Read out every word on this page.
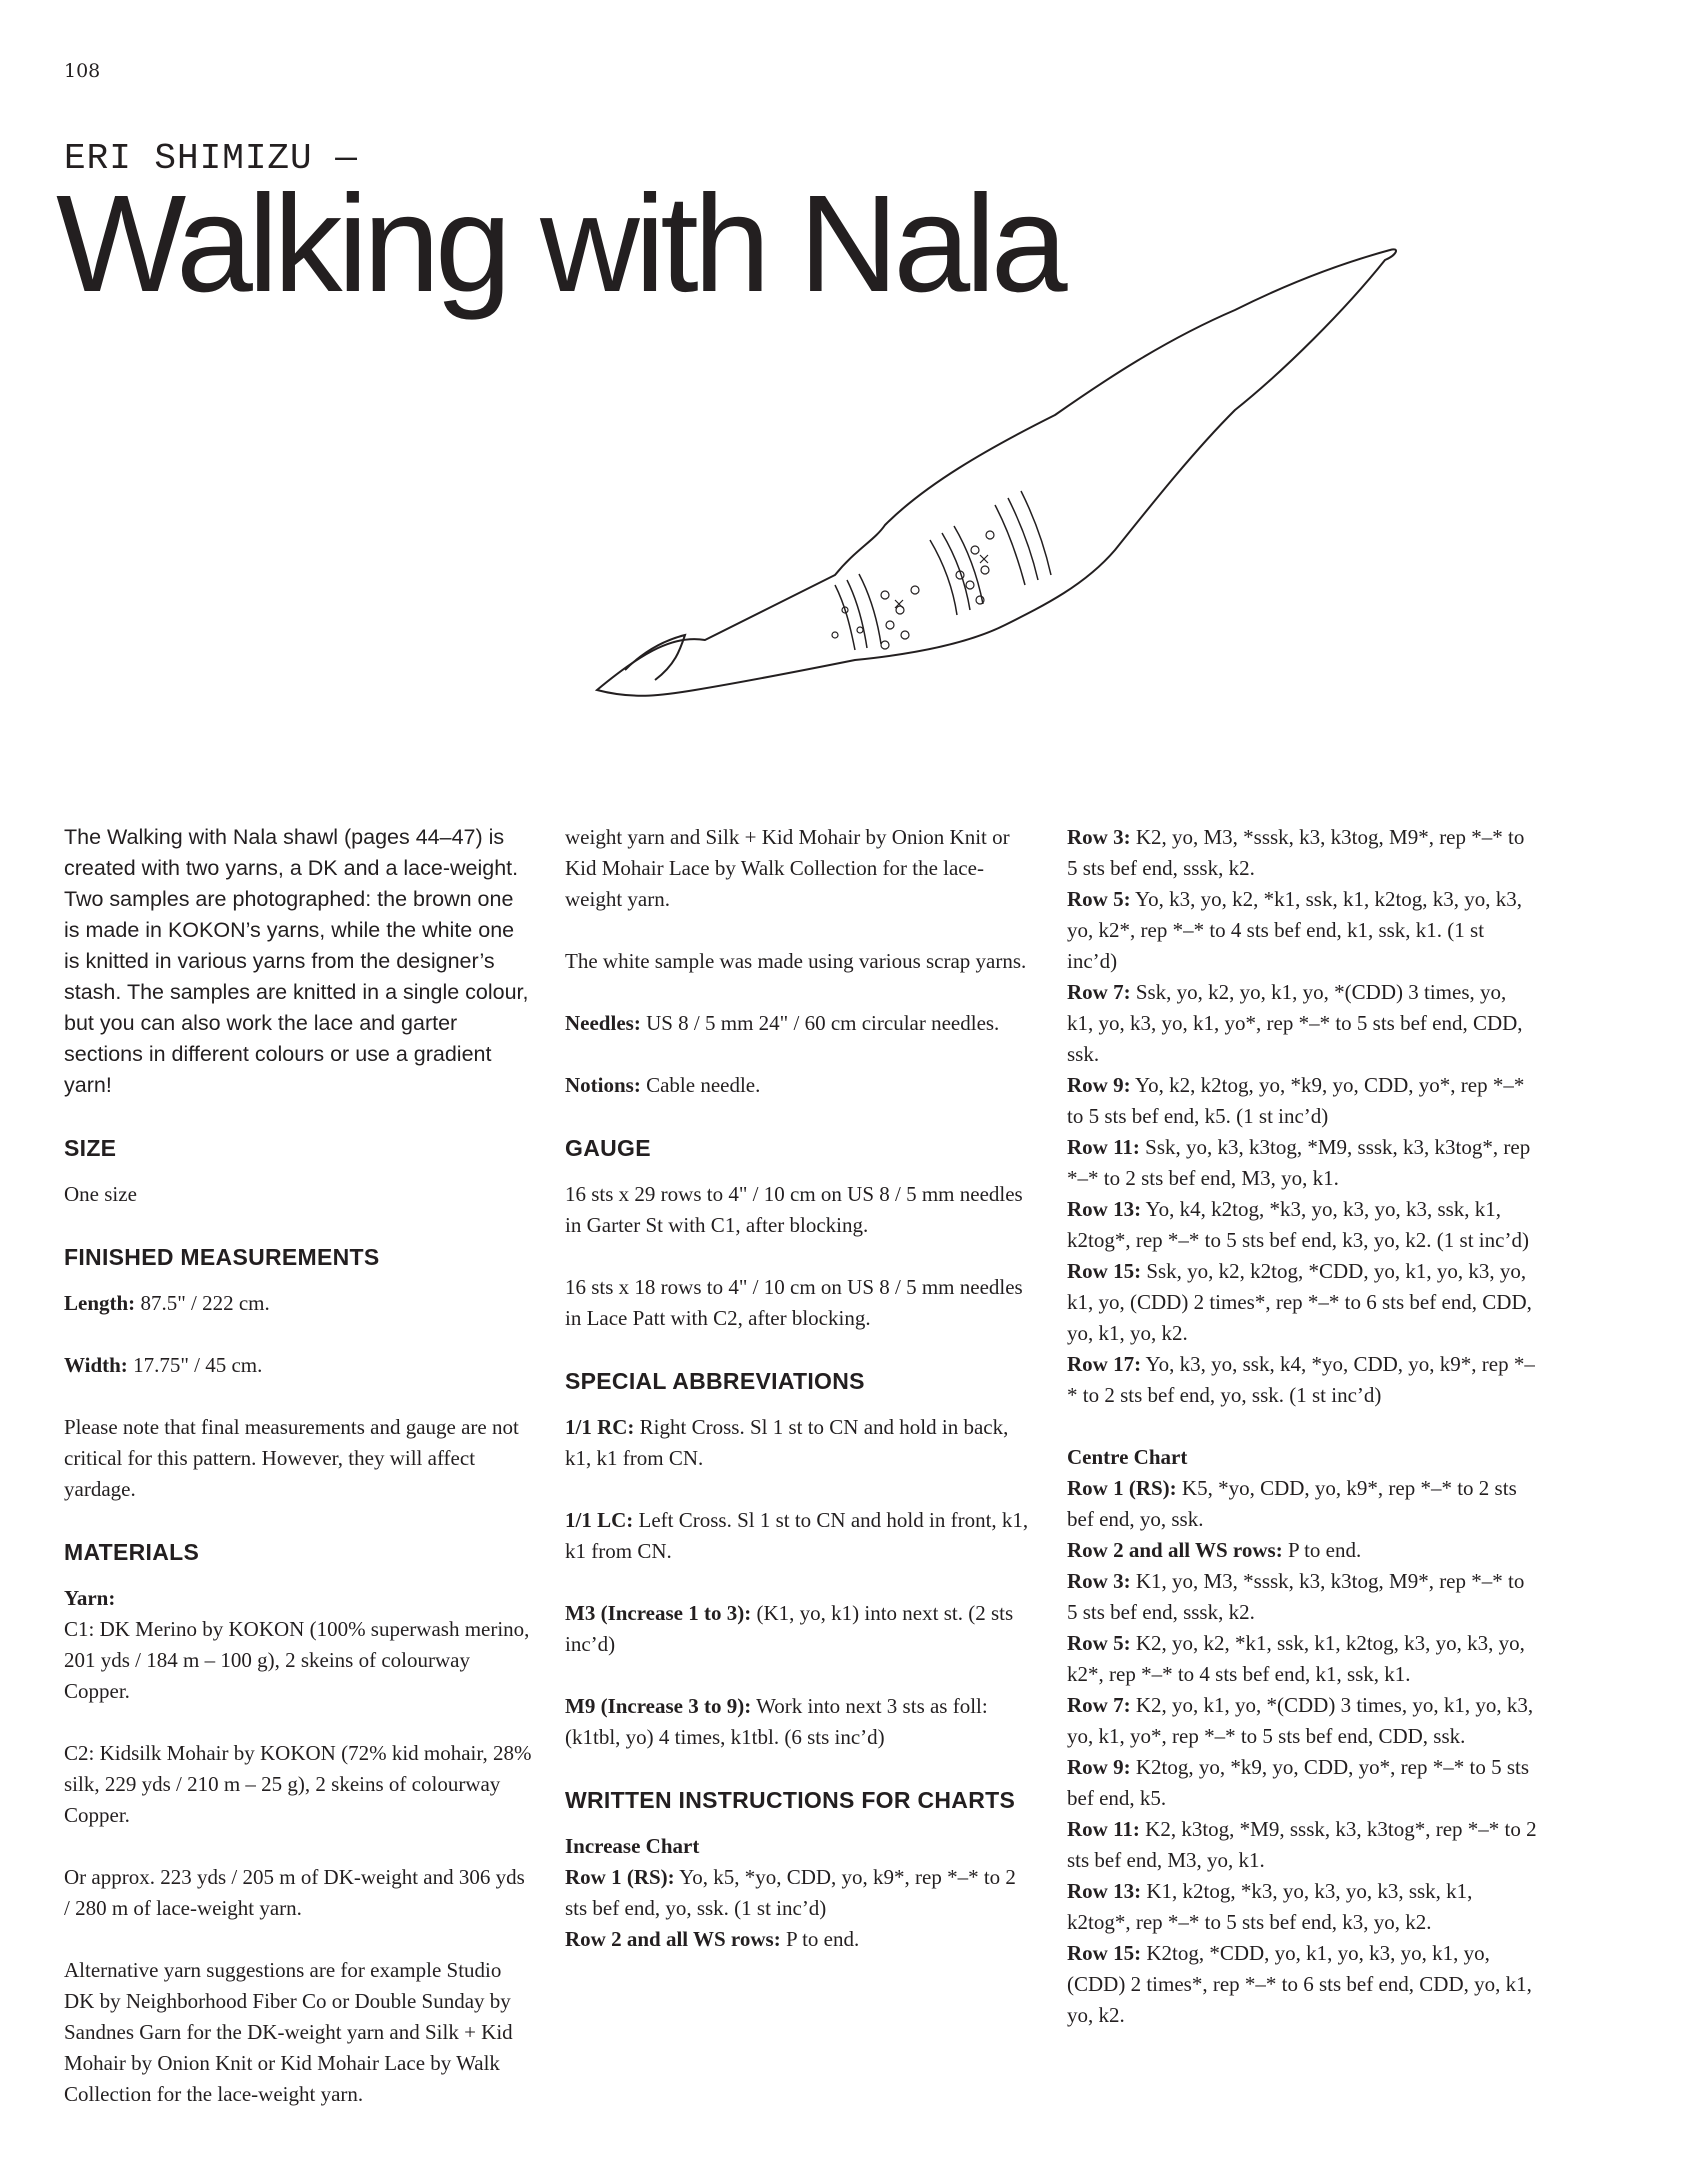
108
ERI SHIMIZU —
Walking with Nala

The Walking with Nala shawl (pages 44–47) is created with two yarns, a DK and a lace-weight. Two samples are photographed: the brown one is made in KOKON’s yarns, while the white one is knitted in various yarns from the designer’s stash. The samples are knitted in a single colour, but you can also work the lace and garter sections in different colours or use a gradient yarn!

SIZE

One size

FINISHED MEASUREMENTS

Length: 87.5" / 222 cm.

Width: 17.75" / 45 cm.

Please note that final measurements and gauge are not critical for this pattern. However, they will affect yardage.

MATERIALS

Yarn:

C1: DK Merino by KOKON (100% superwash merino, 201 yds / 184 m – 100 g), 2 skeins of colourway Copper.

C2: Kidsilk Mohair by KOKON (72% kid mohair, 28% silk, 229 yds / 210 m – 25 g), 2 skeins of colourway Copper.

Or approx. 223 yds / 205 m of DK-weight and 306 yds / 280 m of lace-weight yarn.

Alternative yarn suggestions are for example Studio DK by Neighborhood Fiber Co or Double Sunday by Sandnes Garn for the DK-weight yarn and Silk + Kid Mohair by Onion Knit or Kid Mohair Lace by Walk Collection for the lace-weight yarn.

weight yarn and Silk + Kid Mohair by Onion Knit or Kid Mohair Lace by Walk Collection for the lace-weight yarn.

The white sample was made using various scrap yarns.

Needles: US 8 / 5 mm 24" / 60 cm circular needles.

Notions: Cable needle.

GAUGE

16 sts x 29 rows to 4" / 10 cm on US 8 / 5 mm needles in Garter St with C1, after blocking.

16 sts x 18 rows to 4" / 10 cm on US 8 / 5 mm needles in Lace Patt with C2, after blocking.

SPECIAL ABBREVIATIONS

1/1 RC: Right Cross. Sl 1 st to CN and hold in back, k1, k1 from CN.

1/1 LC: Left Cross. Sl 1 st to CN and hold in front, k1, k1 from CN.

M3 (Increase 1 to 3): (K1, yo, k1) into next st. (2 sts inc’d)

M9 (Increase 3 to 9): Work into next 3 sts as foll: (k1tbl, yo) 4 times, k1tbl. (6 sts inc’d)

WRITTEN INSTRUCTIONS FOR CHARTS

Increase Chart

Row 1 (RS): Yo, k5, *yo, CDD, yo, k9*, rep *–* to 2 sts bef end, yo, ssk. (1 st inc’d)

Row 2 and all WS rows: P to end.

Row 3: K2, yo, M3, *sssk, k3, k3tog, M9*, rep *–* to 5 sts bef end, sssk, k2.

Row 5: Yo, k3, yo, k2, *k1, ssk, k1, k2tog, k3, yo, k3, yo, k2*, rep *–* to 4 sts bef end, k1, ssk, k1. (1 st inc’d)

Row 7: Ssk, yo, k2, yo, k1, yo, *(CDD) 3 times, yo, k1, yo, k3, yo, k1, yo*, rep *–* to 5 sts bef end, CDD, ssk.

Row 9: Yo, k2, k2tog, yo, *k9, yo, CDD, yo*, rep *–* to 5 sts bef end, k5. (1 st inc’d)

Row 11: Ssk, yo, k3, k3tog, *M9, sssk, k3, k3tog*, rep *–* to 2 sts bef end, M3, yo, k1.

Row 13: Yo, k4, k2tog, *k3, yo, k3, yo, k3, ssk, k1, k2tog*, rep *–* to 5 sts bef end, k3, yo, k2. (1 st inc’d)

Row 15: Ssk, yo, k2, k2tog, *CDD, yo, k1, yo, k3, yo, k1, yo, (CDD) 2 times*, rep *–* to 6 sts bef end, CDD, yo, k1, yo, k2.

Row 17: Yo, k3, yo, ssk, k4, *yo, CDD, yo, k9*, rep *–* to 2 sts bef end, yo, ssk. (1 st inc’d)

Centre Chart

Row 1 (RS): K5, *yo, CDD, yo, k9*, rep *–* to 2 sts bef end, yo, ssk.

Row 2 and all WS rows: P to end.

Row 3: K1, yo, M3, *sssk, k3, k3tog, M9*, rep *–* to 5 sts bef end, sssk, k2.

Row 5: K2, yo, k2, *k1, ssk, k1, k2tog, k3, yo, k3, yo, k2*, rep *–* to 4 sts bef end, k1, ssk, k1.

Row 7: K2, yo, k1, yo, *(CDD) 3 times, yo, k1, yo, k3, yo, k1, yo*, rep *–* to 5 sts bef end, CDD, ssk.

Row 9: K2tog, yo, *k9, yo, CDD, yo*, rep *–* to 5 sts bef end, k5.

Row 11: K2, k3tog, *M9, sssk, k3, k3tog*, rep *–* to 2 sts bef end, M3, yo, k1.

Row 13: K1, k2tog, *k3, yo, k3, yo, k3, ssk, k1, k2tog*, rep *–* to 5 sts bef end, k3, yo, k2.

Row 15: K2tog, *CDD, yo, k1, yo, k3, yo, k1, yo, (CDD) 2 times*, rep *–* to 6 sts bef end, CDD, yo, k1, yo, k2.
